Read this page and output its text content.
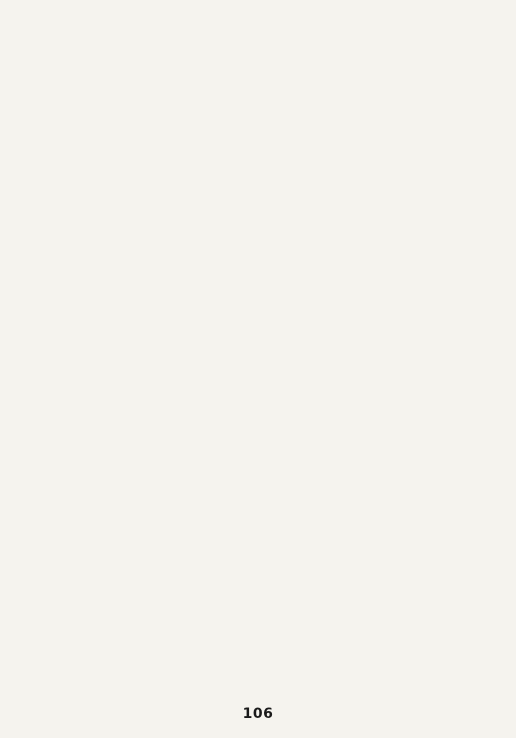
106
